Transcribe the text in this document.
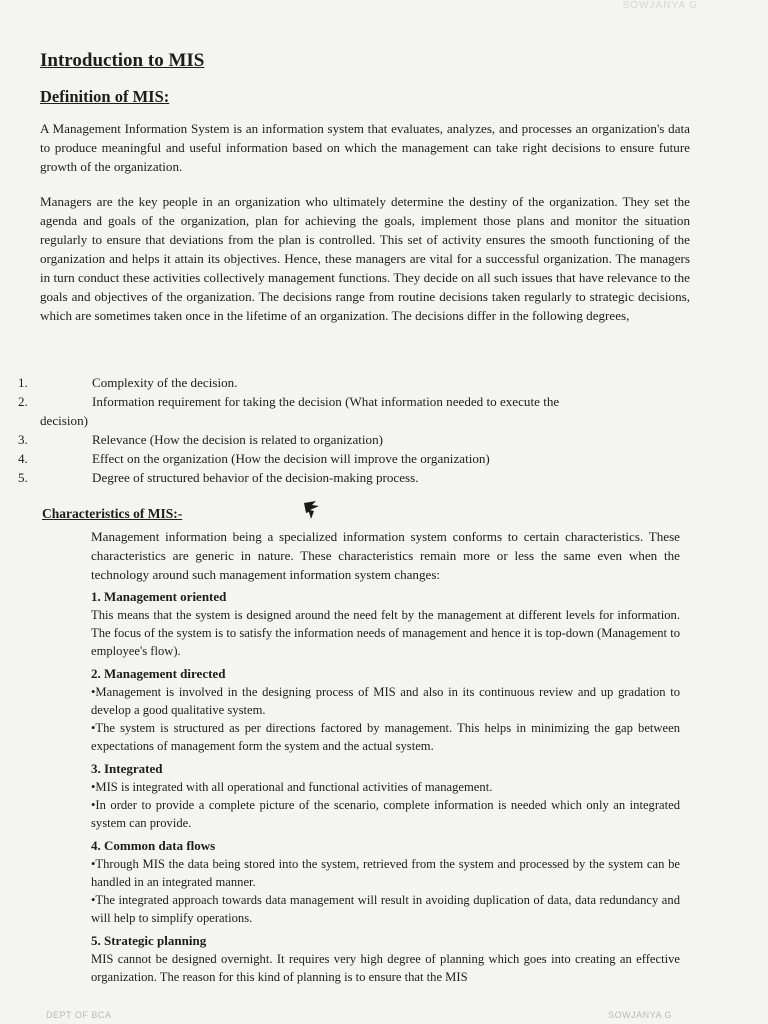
SOWJANYA G
Introduction to MIS
Definition of MIS:

A Management Information System is an information system that evaluates, analyzes, and processes an organization's data to produce meaningful and useful information based on which the management can take right decisions to ensure future growth of the organization.

Managers are the key people in an organization who ultimately determine the destiny of the organization. They set the agenda and goals of the organization, plan for achieving the goals, implement those plans and monitor the situation regularly to ensure that deviations from the plan is controlled. This set of activity ensures the smooth functioning of the organization and helps it attain its objectives. Hence, these managers are vital for a successful organization. The managers in turn conduct these activities collectively management functions. They decide on all such issues that have relevance to the goals and objectives of the organization. The decisions range from routine decisions taken regularly to strategic decisions, which are sometimes taken once in the lifetime of an organization. The decisions differ in the following degrees,

1.	Complexity of the decision.
2.	Information requirement for taking the decision (What information needed to execute the
decision)
3.	Relevance (How the decision is related to organization)
4.	Effect on the organization (How the decision will improve the organization)
5.	Degree of structured behavior of the decision-making process.
Characteristics of MIS:-

Management information being a specialized information system conforms to certain characteristics. These characteristics are generic in nature. These characteristics remain more or less the same even when the technology around such management information system changes:

1. Management oriented

This means that the system is designed around the need felt by the management at different levels for information. The focus of the system is to satisfy the information needs of management and hence it is top-down (Management to employee's flow).

2. Management directed

•Management is involved in the designing process of MIS and also in its continuous review and up gradation to develop a good qualitative system.

•The system is structured as per directions factored by management. This helps in minimizing the gap between expectations of management form the system and the actual system.

3. Integrated

•MIS is integrated with all operational and functional activities of management.

•In order to provide a complete picture of the scenario, complete information is needed which only an integrated system can provide.

4. Common data flows

•Through MIS the data being stored into the system, retrieved from the system and processed by the system can be handled in an integrated manner.

•The integrated approach towards data management will result in avoiding duplication of data, data redundancy and will help to simplify operations.

5. Strategic planning

MIS cannot be designed overnight. It requires very high degree of planning which goes into creating an effective organization. The reason for this kind of planning is to ensure that the MIS

DEPT OF BCA	SOWJANYA G
